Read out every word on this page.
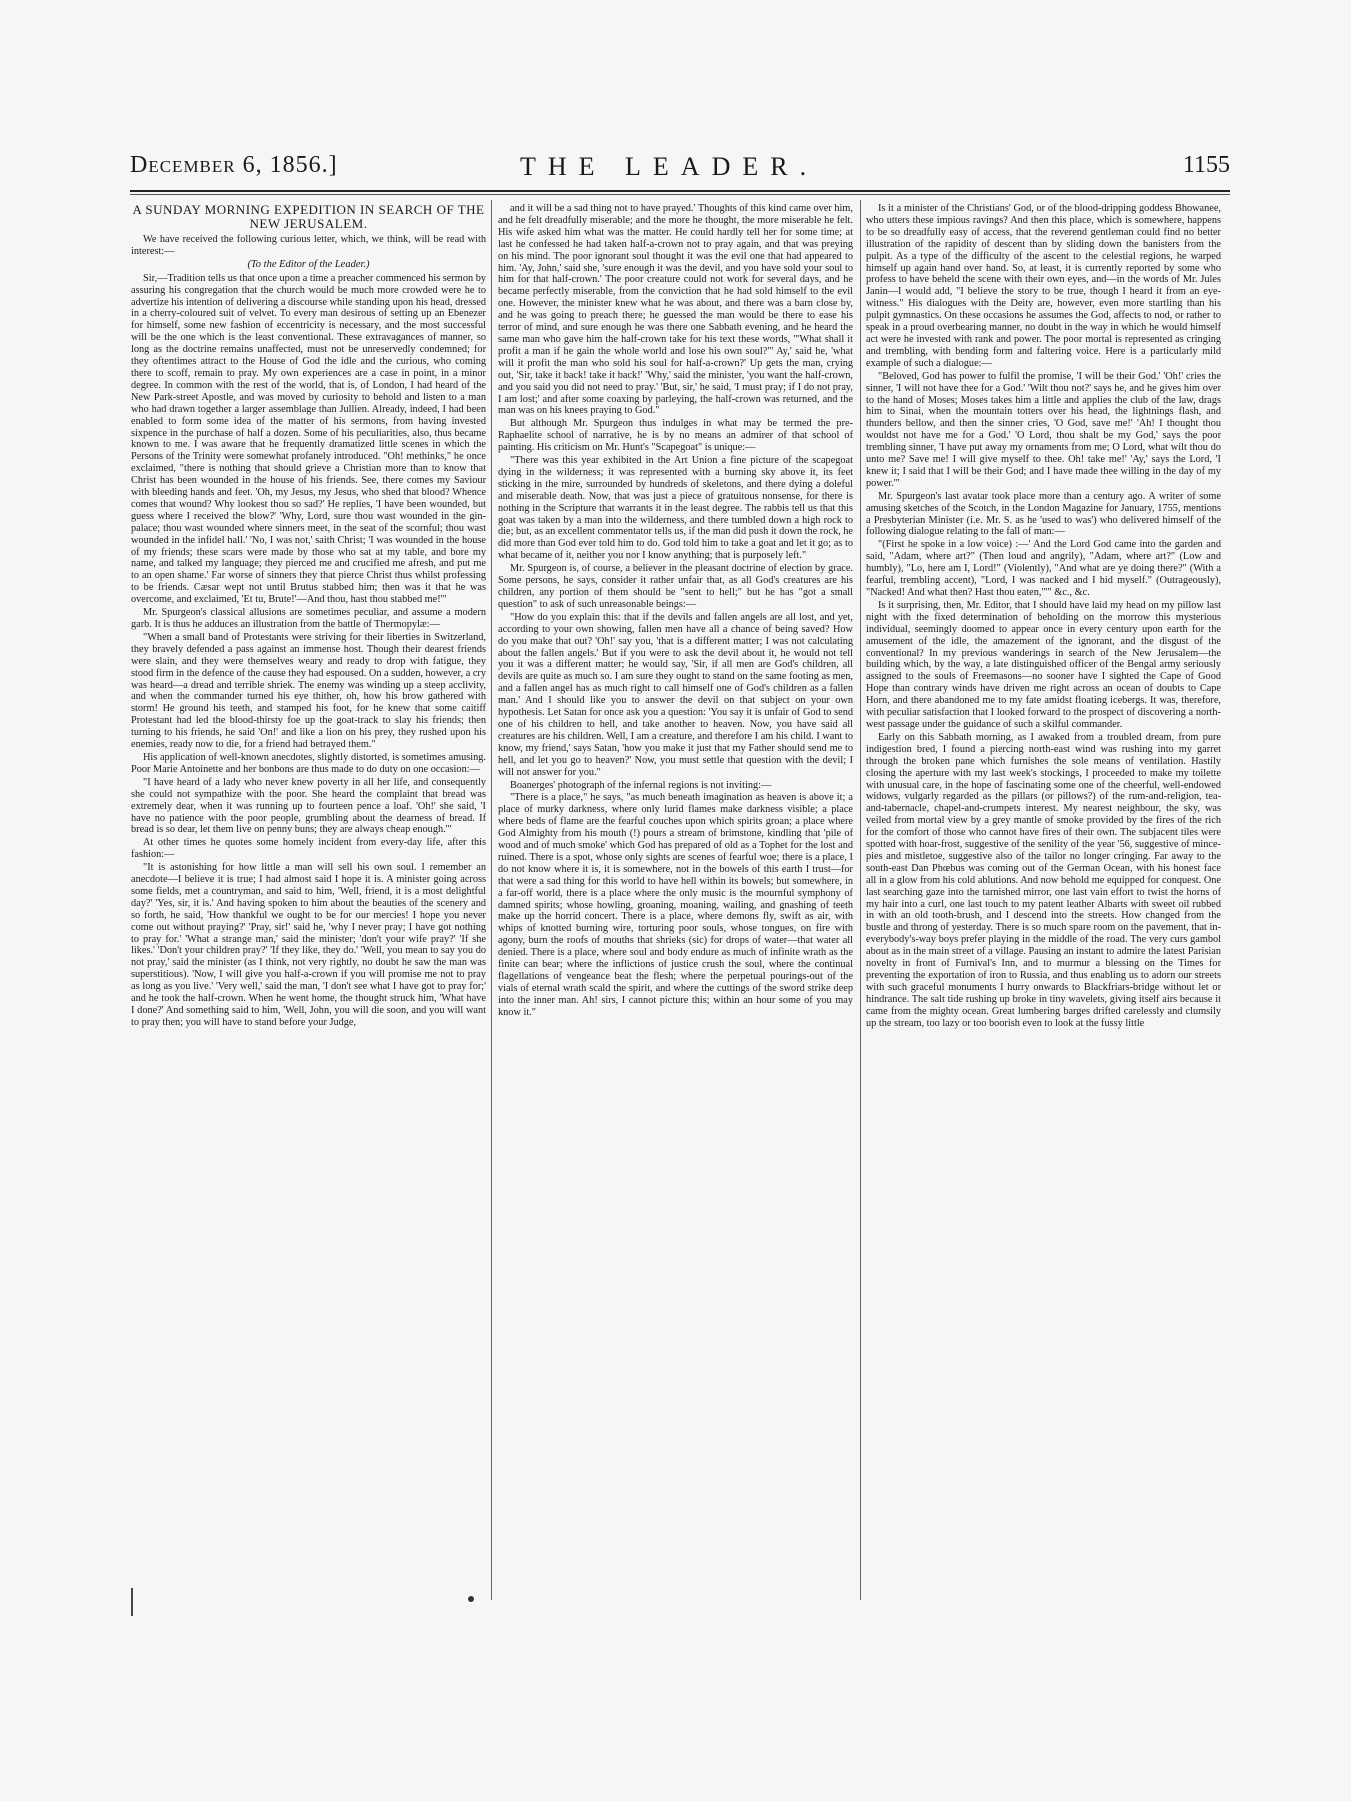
December 6, 1856.]	THE LEADER.	1155
A SUNDAY MORNING EXPEDITION IN SEARCH OF THE NEW JERUSALEM.

We have received the following curious letter, which, we think, will be read with interest:—

(To the Editor of the Leader.)

Sir,—Tradition tells us that once upon a time a preacher commenced his sermon by assuring his congregation that the church would be much more crowded were he to advertize his intention of delivering a discourse while standing upon his head, dressed in a cherry-coloured suit of velvet. To every man desirous of setting up an Ebenezer for himself, some new fashion of eccentricity is necessary, and the most successful will be the one which is the least conventional. These extravagances of manner, so long as the doctrine remains unaffected, must not be unreservedly condemned; for they oftentimes attract to the House of God the idle and the curious, who coming there to scoff, remain to pray. My own experiences are a case in point, in a minor degree. In common with the rest of the world, that is, of London, I had heard of the New Park-street Apostle, and was moved by curiosity to behold and listen to a man who had drawn together a larger assemblage than Jullien. Already, indeed, I had been enabled to form some idea of the matter of his sermons, from having invested sixpence in the purchase of half a dozen. Some of his peculiarities, also, thus became known to me. I was aware that he frequently dramatized little scenes in which the Persons of the Trinity were somewhat profanely introduced. "Oh! methinks," he once exclaimed, "there is nothing that should grieve a Christian more than to know that Christ has been wounded in the house of his friends. See, there comes my Saviour with bleeding hands and feet. 'Oh, my Jesus, my Jesus, who shed that blood? Whence comes that wound? Why lookest thou so sad?' He replies, 'I have been wounded, but guess where I received the blow?' 'Why, Lord, sure thou wast wounded in the gin-palace; thou wast wounded where sinners meet, in the seat of the scornful; thou wast wounded in the infidel hall.' 'No, I was not,' saith Christ; 'I was wounded in the house of my friends; these scars were made by those who sat at my table, and bore my name, and talked my language; they pierced me and crucified me afresh, and put me to an open shame.' Far worse of sinners they that pierce Christ thus whilst professing to be friends. Cæsar wept not until Brutus stabbed him; then was it that he was overcome, and exclaimed, 'Et tu, Brute!'—And thou, hast thou stabbed me!'"

Mr. Spurgeon's classical allusions are sometimes peculiar, and assume a modern garb. It is thus he adduces an illustration from the battle of Thermopylæ:—

"When a small band of Protestants were striving for their liberties in Switzerland, they bravely defended a pass against an immense host. Though their dearest friends were slain, and they were themselves weary and ready to drop with fatigue, they stood firm in the defence of the cause they had espoused. On a sudden, however, a cry was heard—a dread and terrible shriek. The enemy was winding up a steep acclivity, and when the commander turned his eye thither, oh, how his brow gathered with storm! He ground his teeth, and stamped his foot, for he knew that some caitiff Protestant had led the blood-thirsty foe up the goat-track to slay his friends; then turning to his friends, he said 'On!' and like a lion on his prey, they rushed upon his enemies, ready now to die, for a friend had betrayed them."

His application of well-known anecdotes, slightly distorted, is sometimes amusing. Poor Marie Antoinette and her bonbons are thus made to do duty on one occasion:—

"I have heard of a lady who never knew poverty in all her life, and consequently she could not sympathize with the poor. She heard the complaint that bread was extremely dear, when it was running up to fourteen pence a loaf. 'Oh!' she said, 'I have no patience with the poor people, grumbling about the dearness of bread. If bread is so dear, let them live on penny buns; they are always cheap enough.'"

At other times he quotes some homely incident from every-day life, after this fashion:—

"It is astonishing for how little a man will sell his own soul. I remember an anecdote—I believe it is true; I had almost said I hope it is. A minister going across some fields, met a countryman, and said to him, 'Well, friend, it is a most delightful day?' 'Yes, sir, it is.' And having spoken to him about the beauties of the scenery and so forth, he said, 'How thankful we ought to be for our mercies! I hope you never come out without praying?' 'Pray, sir!' said he, 'why I never pray; I have got nothing to pray for.' 'What a strange man,' said the minister; 'don't your wife pray?' 'If she likes.' 'Don't your children pray?' 'If they like, they do.' 'Well, you mean to say you do not pray,' said the minister (as I think, not very rightly, no doubt he saw the man was superstitious). 'Now, I will give you half-a-crown if you will promise me not to pray as long as you live.' 'Very well,' said the man, 'I don't see what I have got to pray for;' and he took the half-crown. When he went home, the thought struck him, 'What have I done?' And something said to him, 'Well, John, you will die soon, and you will want to pray then; you will have to stand before your Judge,

and it will be a sad thing not to have prayed.' Thoughts of this kind came over him, and he felt dreadfully miserable; and the more he thought, the more miserable he felt. His wife asked him what was the matter. He could hardly tell her for some time; at last he confessed he had taken half-a-crown not to pray again, and that was preying on his mind. The poor ignorant soul thought it was the evil one that had appeared to him. 'Ay, John,' said she, 'sure enough it was the devil, and you have sold your soul to him for that half-crown.' The poor creature could not work for several days, and he became perfectly miserable, from the conviction that he had sold himself to the evil one. However, the minister knew what he was about, and there was a barn close by, and he was going to preach there; he guessed the man would be there to ease his terror of mind, and sure enough he was there one Sabbath evening, and he heard the same man who gave him the half-crown take for his text these words, '"What shall it profit a man if he gain the whole world and lose his own soul?"' Ay,' said he, 'what will it profit the man who sold his soul for half-a-crown?' Up gets the man, crying out, 'Sir, take it back! take it back!' 'Why,' said the minister, 'you want the half-crown, and you said you did not need to pray.' 'But, sir,' he said, 'I must pray; if I do not pray, I am lost;' and after some coaxing by parleying, the half-crown was returned, and the man was on his knees praying to God."

But although Mr. Spurgeon thus indulges in what may be termed the pre-Raphaelite school of narrative, he is by no means an admirer of that school of painting. His criticism on Mr. Hunt's "Scapegoat" is unique:—

"There was this year exhibited in the Art Union a fine picture of the scapegoat dying in the wilderness; it was represented with a burning sky above it, its feet sticking in the mire, surrounded by hundreds of skeletons, and there dying a doleful and miserable death. Now, that was just a piece of gratuitous nonsense, for there is nothing in the Scripture that warrants it in the least degree. The rabbis tell us that this goat was taken by a man into the wilderness, and there tumbled down a high rock to die; but, as an excellent commentator tells us, if the man did push it down the rock, he did more than God ever told him to do. God told him to take a goat and let it go; as to what became of it, neither you nor I know anything; that is purposely left."

Mr. Spurgeon is, of course, a believer in the pleasant doctrine of election by grace. Some persons, he says, consider it rather unfair that, as all God's creatures are his children, any portion of them should be "sent to hell;" but he has "got a small question" to ask of such unreasonable beings:—

"How do you explain this: that if the devils and fallen angels are all lost, and yet, according to your own showing, fallen men have all a chance of being saved? How do you make that out? 'Oh!' say you, 'that is a different matter; I was not calculating about the fallen angels.' But if you were to ask the devil about it, he would not tell you it was a different matter; he would say, 'Sir, if all men are God's children, all devils are quite as much so. I am sure they ought to stand on the same footing as men, and a fallen angel has as much right to call himself one of God's children as a fallen man.' And I should like you to answer the devil on that subject on your own hypothesis. Let Satan for once ask you a question: 'You say it is unfair of God to send one of his children to hell, and take another to heaven. Now, you have said all creatures are his children. Well, I am a creature, and therefore I am his child. I want to know, my friend,' says Satan, 'how you make it just that my Father should send me to hell, and let you go to heaven?' Now, you must settle that question with the devil; I will not answer for you."

Boanerges' photograph of the infernal regions is not inviting:—

"There is a place," he says, "as much beneath imagination as heaven is above it; a place of murky darkness, where only lurid flames make darkness visible; a place where beds of flame are the fearful couches upon which spirits groan; a place where God Almighty from his mouth (!) pours a stream of brimstone, kindling that 'pile of wood and of much smoke' which God has prepared of old as a Tophet for the lost and ruined. There is a spot, whose only sights are scenes of fearful woe; there is a place, I do not know where it is, it is somewhere, not in the bowels of this earth I trust—for that were a sad thing for this world to have hell within its bowels; but somewhere, in a far-off world, there is a place where the only music is the mournful symphony of damned spirits; whose howling, groaning, moaning, wailing, and gnashing of teeth make up the horrid concert. There is a place, where demons fly, swift as air, with whips of knotted burning wire, torturing poor souls, whose tongues, on fire with agony, burn the roofs of mouths that shrieks (sic) for drops of water—that water all denied. There is a place, where soul and body endure as much of infinite wrath as the finite can bear; where the inflictions of justice crush the soul, where the continual flagellations of vengeance beat the flesh; where the perpetual pourings-out of the vials of eternal wrath scald the spirit, and where the cuttings of the sword strike deep into the inner man. Ah! sirs, I cannot picture this; within an hour some of you may know it."

Is it a minister of the Christians' God, or of the blood-dripping goddess Bhowanee, who utters these impious ravings? And then this place, which is somewhere, happens to be so dreadfully easy of access, that the reverend gentleman could find no better illustration of the rapidity of descent than by sliding down the banisters from the pulpit. As a type of the difficulty of the ascent to the celestial regions, he warped himself up again hand over hand. So, at least, it is currently reported by some who profess to have beheld the scene with their own eyes, and—in the words of Mr. Jules Janin—I would add, "I believe the story to be true, though I heard it from an eye-witness." His dialogues with the Deity are, however, even more startling than his pulpit gymnastics. On these occasions he assumes the God, affects to nod, or rather to speak in a proud overbearing manner, no doubt in the way in which he would himself act were he invested with rank and power. The poor mortal is represented as cringing and trembling, with bending form and faltering voice. Here is a particularly mild example of such a dialogue:—

"Beloved, God has power to fulfil the promise, 'I will be their God.' 'Oh!' cries the sinner, 'I will not have thee for a God.' 'Wilt thou not?' says he, and he gives him over to the hand of Moses; Moses takes him a little and applies the club of the law, drags him to Sinai, when the mountain totters over his head, the lightnings flash, and thunders bellow, and then the sinner cries, 'O God, save me!' 'Ah! I thought thou wouldst not have me for a God.' 'O Lord, thou shalt be my God,' says the poor trembling sinner, 'I have put away my ornaments from me; O Lord, what wilt thou do unto me? Save me! I will give myself to thee. Oh! take me!' 'Ay,' says the Lord, 'I knew it; I said that I will be their God; and I have made thee willing in the day of my power.'"

Mr. Spurgeon's last avatar took place more than a century ago. A writer of some amusing sketches of the Scotch, in the London Magazine for January, 1755, mentions a Presbyterian Minister (i.e. Mr. S. as he 'used to was') who delivered himself of the following dialogue relating to the fall of man:—

"(First he spoke in a low voice) :—' And the Lord God came into the garden and said, "Adam, where art?" (Then loud and angrily), "Adam, where art?" (Low and humbly), "Lo, here am I, Lord!" (Violently), "And what are ye doing there?" (With a fearful, trembling accent), "Lord, I was nacked and I hid myself." (Outrageously), "Nacked! And what then? Hast thou eaten,"'" &c., &c.

Is it surprising, then, Mr. Editor, that I should have laid my head on my pillow last night with the fixed determination of beholding on the morrow this mysterious individual, seemingly doomed to appear once in every century upon earth for the amusement of the idle, the amazement of the ignorant, and the disgust of the conventional? In my previous wanderings in search of the New Jerusalem—the building which, by the way, a late distinguished officer of the Bengal army seriously assigned to the souls of Freemasons—no sooner have I sighted the Cape of Good Hope than contrary winds have driven me right across an ocean of doubts to Cape Horn, and there abandoned me to my fate amidst floating icebergs. It was, therefore, with peculiar satisfaction that I looked forward to the prospect of discovering a north-west passage under the guidance of such a skilful commander.

Early on this Sabbath morning, as I awaked from a troubled dream, from pure indigestion bred, I found a piercing north-east wind was rushing into my garret through the broken pane which furnishes the sole means of ventilation. Hastily closing the aperture with my last week's stockings, I proceeded to make my toilette with unusual care, in the hope of fascinating some one of the cheerful, well-endowed widows, vulgarly regarded as the pillars (or pillows?) of the rum-and-religion, tea-and-tabernacle, chapel-and-crumpets interest. My nearest neighbour, the sky, was veiled from mortal view by a grey mantle of smoke provided by the fires of the rich for the comfort of those who cannot have fires of their own. The subjacent tiles were spotted with hoar-frost, suggestive of the senility of the year '56, suggestive of mince-pies and mistletoe, suggestive also of the tailor no longer cringing. Far away to the south-east Dan Phœbus was coming out of the German Ocean, with his honest face all in a glow from his cold ablutions. And now behold me equipped for conquest. One last searching gaze into the tarnished mirror, one last vain effort to twist the horns of my hair into a curl, one last touch to my patent leather Albarts with sweet oil rubbed in with an old tooth-brush, and I descend into the streets. How changed from the bustle and throng of yesterday. There is so much spare room on the pavement, that in-everybody's-way boys prefer playing in the middle of the road. The very curs gambol about as in the main street of a village. Pausing an instant to admire the latest Parisian novelty in front of Furnival's Inn, and to murmur a blessing on the Times for preventing the exportation of iron to Russia, and thus enabling us to adorn our streets with such graceful monuments I hurry onwards to Blackfriars-bridge without let or hindrance. The salt tide rushing up broke in tiny wavelets, giving itself airs because it came from the mighty ocean. Great lumbering barges drifted carelessly and clumsily up the stream, too lazy or too boorish even to look at the fussy little
